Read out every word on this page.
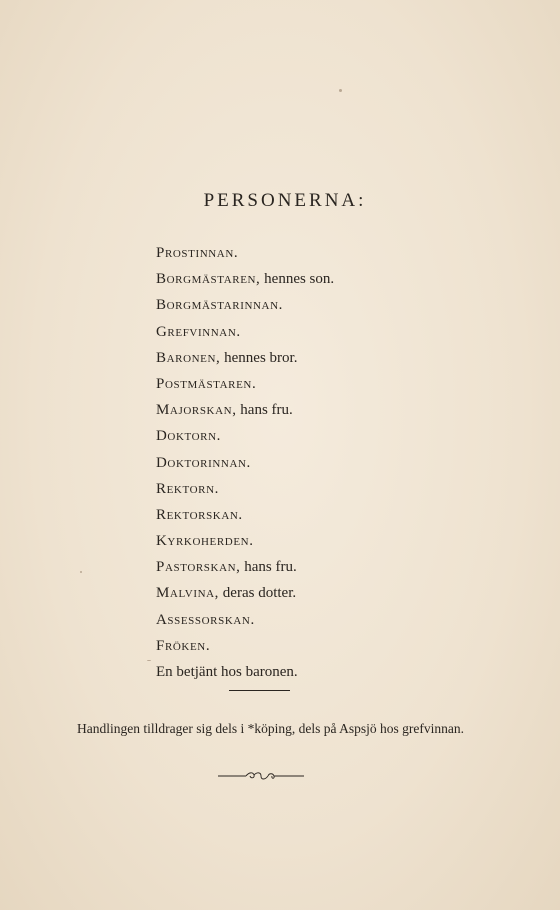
PERSONERNA:
Prostinnan.
Borgmästaren, hennes son.
Borgmästarinnan.
Grefvinnan.
Baronen, hennes bror.
Postmästaren.
Majorskan, hans fru.
Doktorn.
Doktorinnan.
Rektorn.
Rektorskan.
Kyrkoherden.
Pastorskan, hans fru.
Malvina, deras dotter.
Assessorskan.
Fröken.
En betjänt hos baronen.
Handlingen tilldrager sig dels i *köping, dels på Aspsjö hos grefvinnan.
